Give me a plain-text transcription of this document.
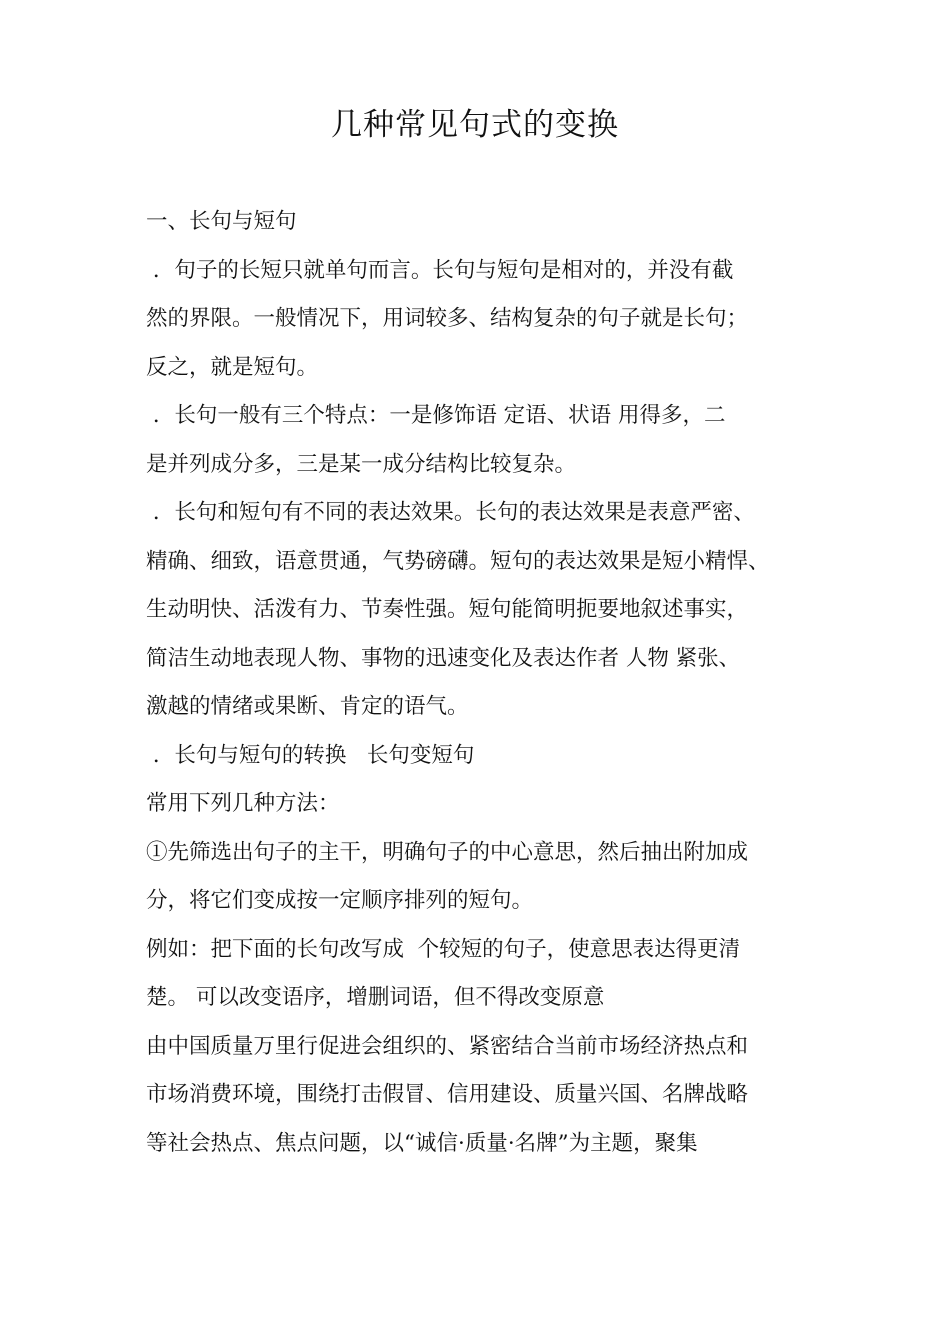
几种常见句式的变换
一、长句与短句
．句子的长短只就单句而言。长句与短句是相对的，并没有截
然的界限。一般情况下，用词较多、结构复杂的句子就是长句；
反之，就是短句。
．长句一般有三个特点：一是修饰语 定语、状语 用得多，二
是并列成分多，三是某一成分结构比较复杂。
．长句和短句有不同的表达效果。长句的表达效果是表意严密、
精确、细致，语意贯通，气势磅礴。短句的表达效果是短小精悍、
生动明快、活泼有力、节奏性强。短句能简明扼要地叙述事实，
简洁生动地表现人物、事物的迅速变化及表达作者 人物 紧张、
激越的情绪或果断、肯定的语气。
．长句与短句的转换   长句变短句
常用下列几种方法：
①先筛选出句子的主干，明确句子的中心意思，然后抽出附加成
分，将它们变成按一定顺序排列的短句。
例如：把下面的长句改写成  个较短的句子，使意思表达得更清
楚。 可以改变语序，增删词语，但不得改变原意
由中国质量万里行促进会组织的、紧密结合当前市场经济热点和
市场消费环境，围绕打击假冒、信用建设、质量兴国、名牌战略
等社会热点、焦点问题，以“诚信·质量·名牌”为主题，聚集
